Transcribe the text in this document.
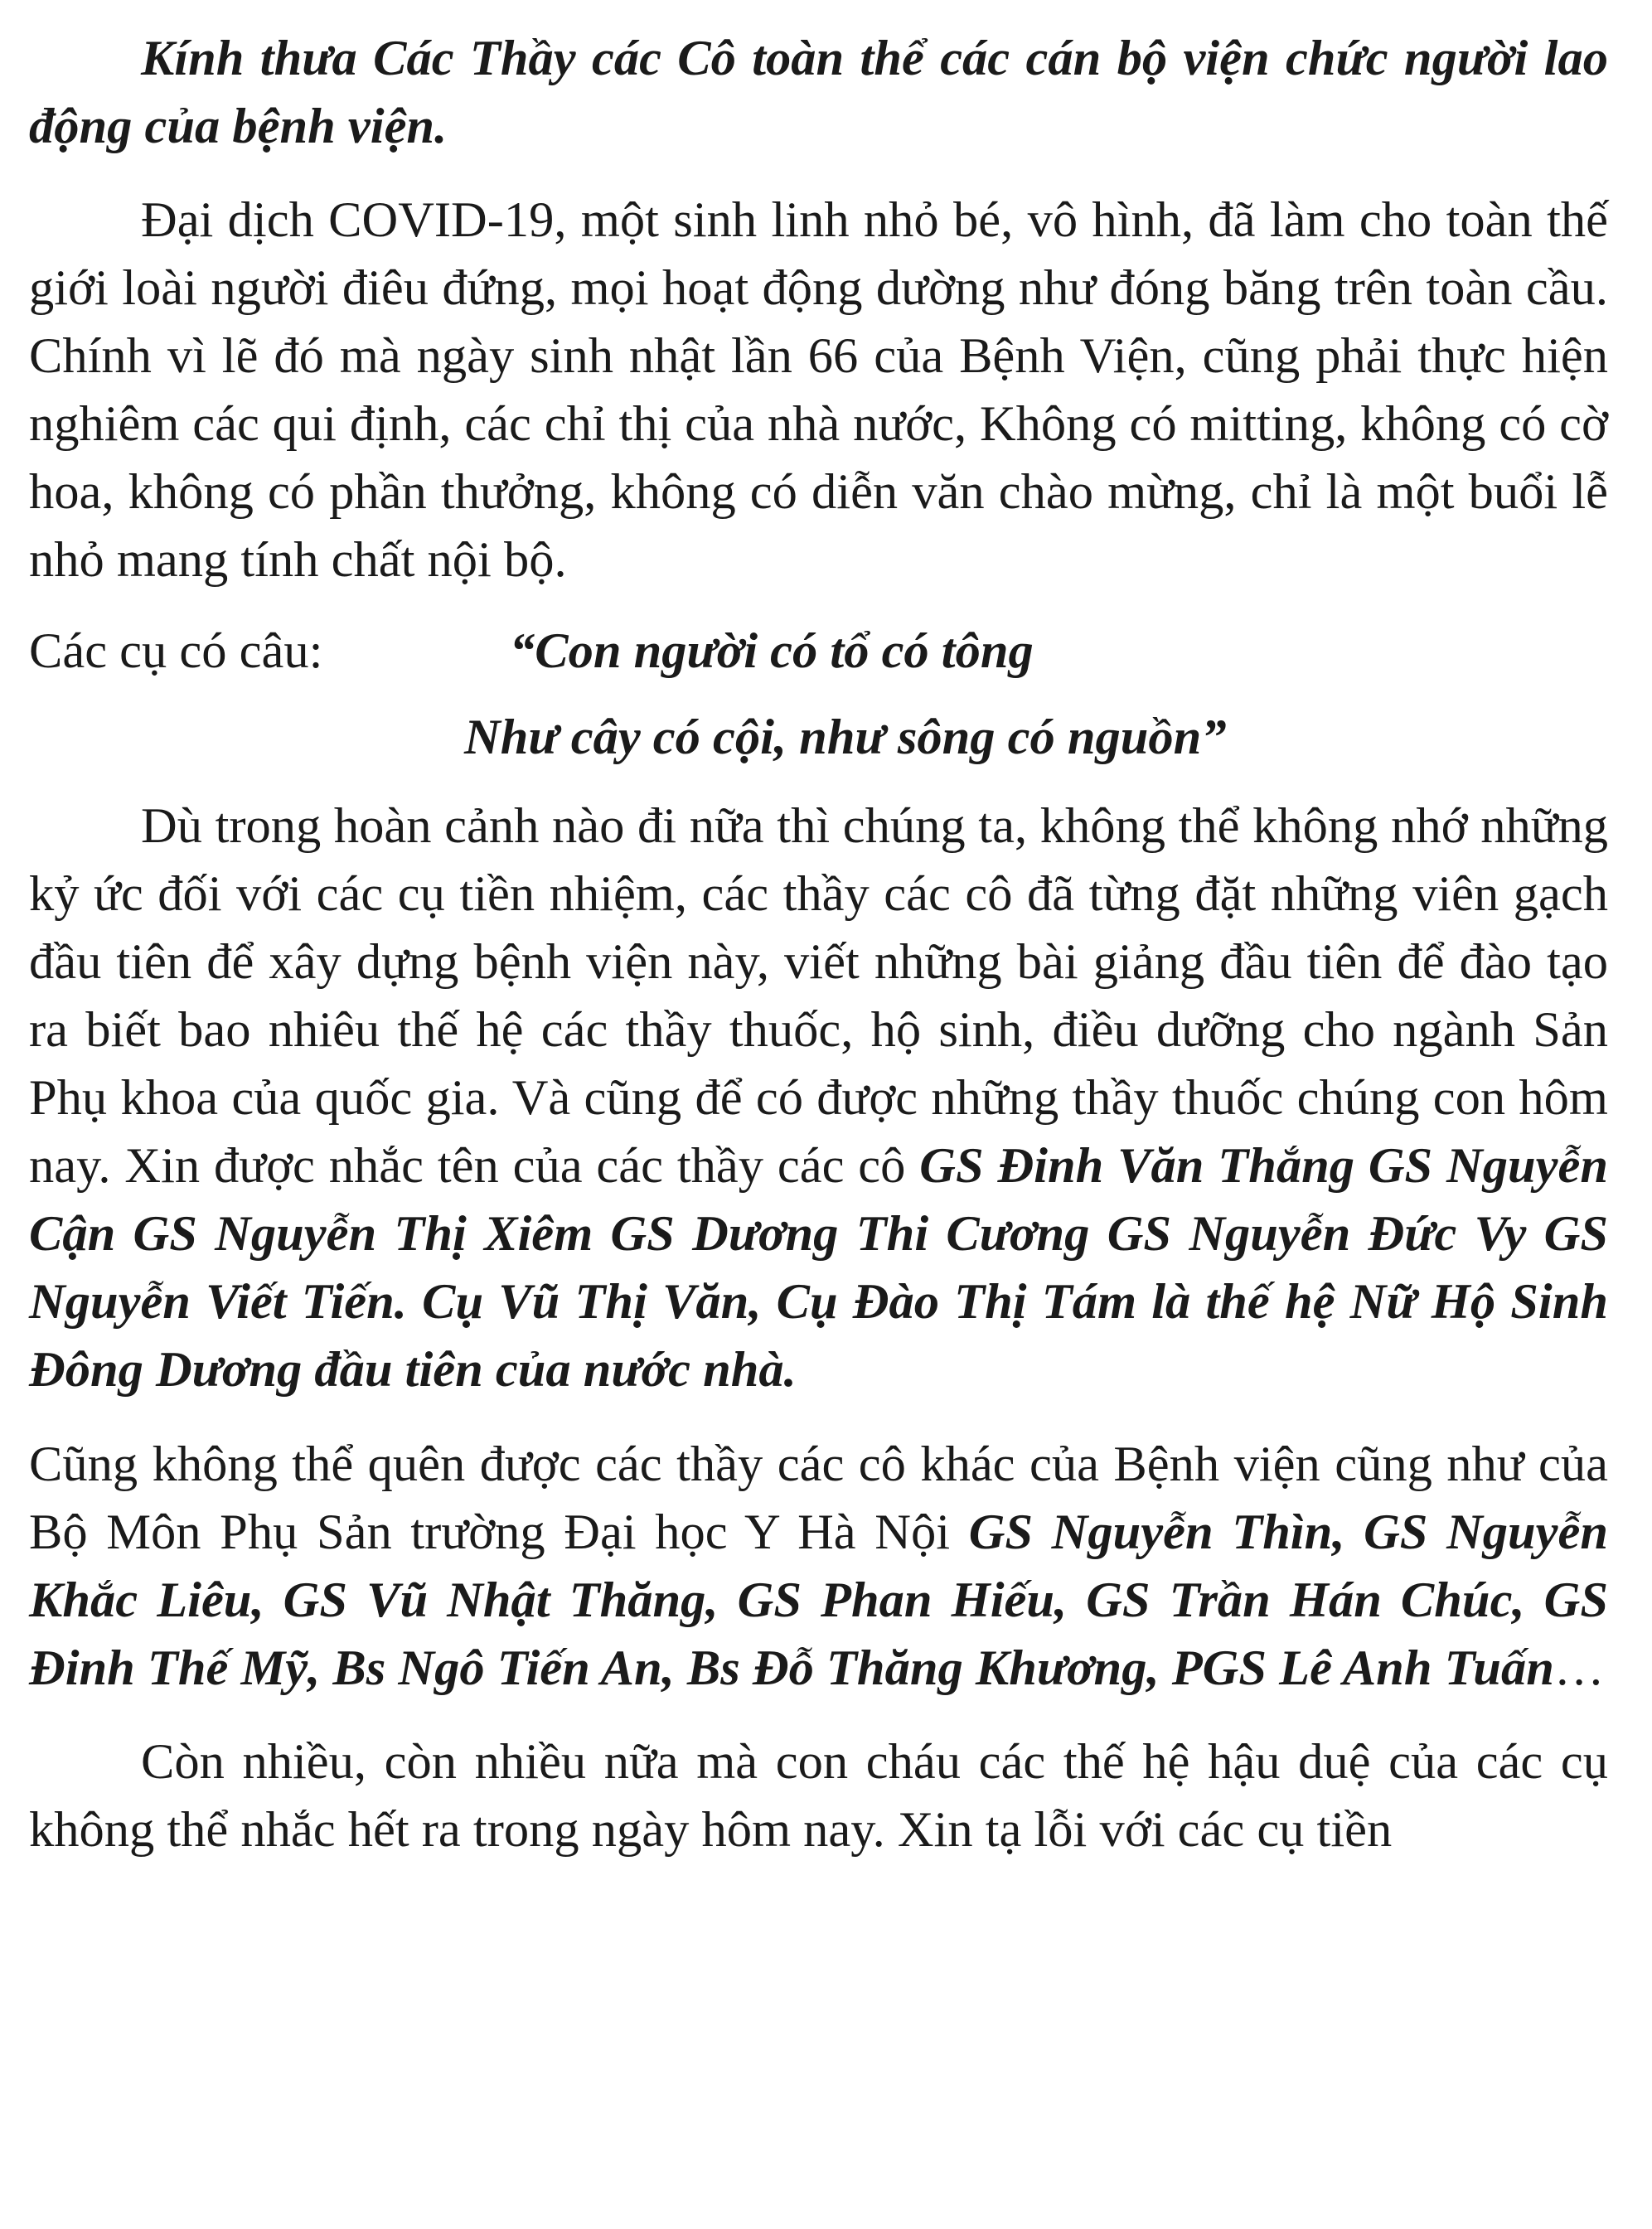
Kính thưa Các Thầy các Cô toàn thể các cán bộ viện chức người lao động của bệnh viện.

Đại dịch COVID-19, một sinh linh nhỏ bé, vô hình, đã làm cho toàn thế giới loài người điêu đứng, mọi hoạt động dường như đóng băng trên toàn cầu. Chính vì lẽ đó mà ngày sinh nhật lần 66 của Bệnh Viện, cũng phải thực hiện nghiêm các qui định, các chỉ thị của nhà nước, Không có mitting, không có cờ hoa, không có phần thưởng, không có diễn văn chào mừng, chỉ là một buổi lễ nhỏ mang tính chất nội bộ.

Các cụ có câu:	“Con người có tổ có tông

Như cây có cội, như sông có nguồn”

Dù trong hoàn cảnh nào đi nữa thì chúng ta, không thể không nhớ những kỷ ức đối với các cụ tiền nhiệm, các thầy các cô đã từng đặt những viên gạch đầu tiên để xây dựng bệnh viện này, viết những bài giảng đầu tiên để đào tạo ra biết bao nhiêu thế hệ các thầy thuốc, hộ sinh, điều dưỡng cho ngành Sản Phụ khoa của quốc gia. Và cũng để có được những thầy thuốc chúng con hôm nay. Xin được nhắc tên của các thầy các cô GS Đinh Văn Thắng GS Nguyễn Cận GS Nguyễn Thị Xiêm GS Dương Thi Cương GS Nguyễn Đức Vy GS Nguyễn Viết Tiến. Cụ Vũ Thị Văn, Cụ Đào Thị Tám là thế hệ Nữ Hộ Sinh Đông Dương đầu tiên của nước nhà.

Cũng không thể quên được các thầy các cô khác của Bệnh viện cũng như của Bộ Môn Phụ Sản trường Đại học Y Hà Nội GS Nguyễn Thìn, GS Nguyễn Khắc Liêu, GS Vũ Nhật Thăng, GS Phan Hiếu, GS Trần Hán Chúc, GS Đinh Thế Mỹ, Bs Ngô Tiến An, Bs Đỗ Thăng Khương, PGS Lê Anh Tuấn…

Còn nhiều, còn nhiều nữa mà con cháu các thế hệ hậu duệ của các cụ không thể nhắc hết ra trong ngày hôm nay. Xin tạ lỗi với các cụ tiền
